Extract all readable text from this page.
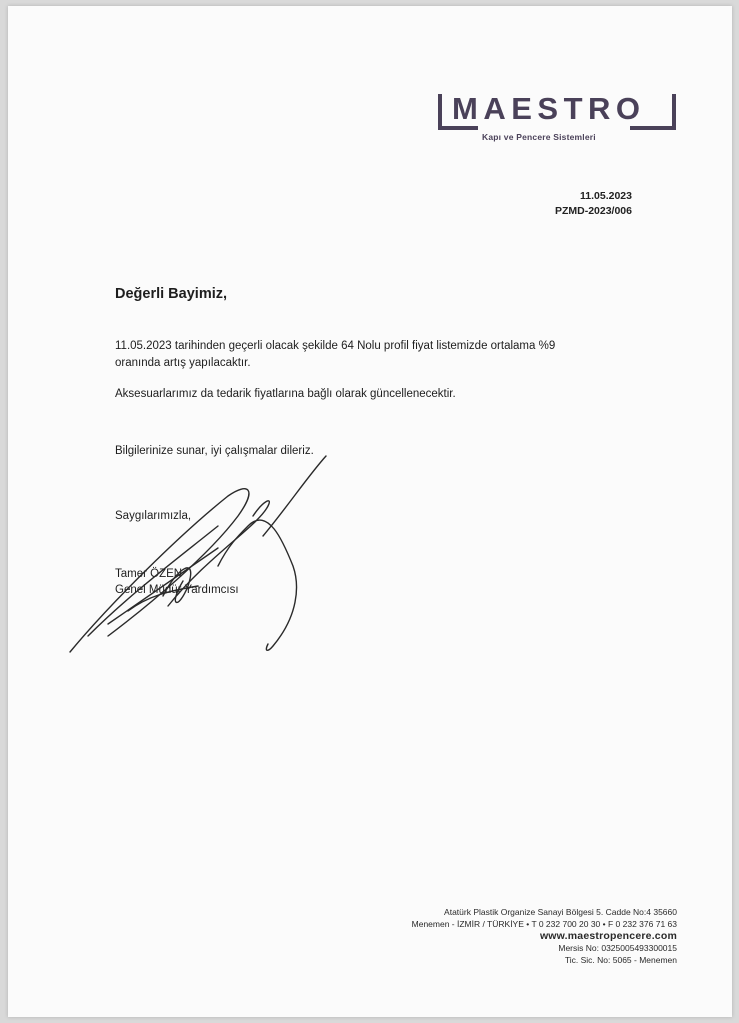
MAESTRO
Kapı ve Pencere Sistemleri
11.05.2023
PZMD-2023/006
Değerli Bayimiz,
11.05.2023 tarihinden geçerli olacak şekilde 64 Nolu profil fiyat listemizde ortalama %9
oranında artış yapılacaktır.
Aksesuarlarımız da tedarik fiyatlarına bağlı olarak güncellenecektir.
Bilgilerinize sunar, iyi çalışmalar dileriz.
Saygılarımızla,
Tamer ÖZEN
Genel Müdür Yardımcısı
Atatürk Plastik Organize Sanayi Bölgesi 5. Cadde No:4 35660
Menemen - İZMİR / TÜRKİYE • T 0 232 700 20 30 • F 0 232 376 71 63
www.maestropencere.com
Mersis No: 0325005493300015
Tic. Sic. No: 5065 - Menemen
